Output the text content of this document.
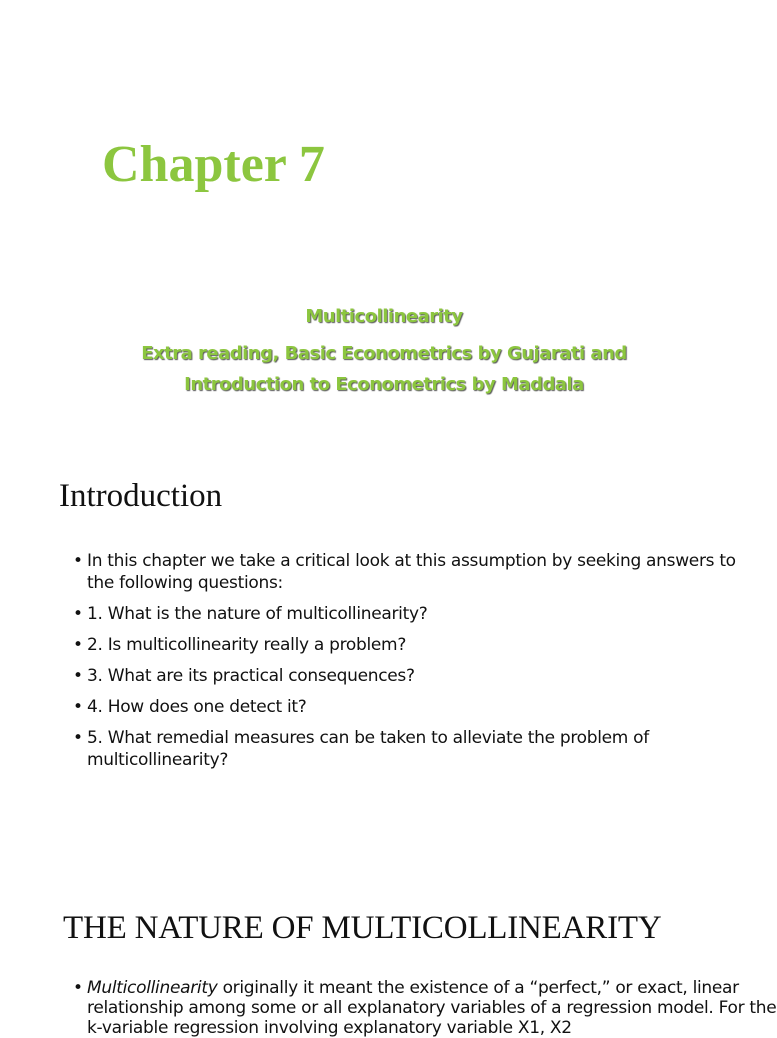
Chapter 7

Multicollinearity

Extra reading, Basic Econometrics by Gujarati and

Introduction to Econometrics by Maddala

Introduction
• In this chapter we take a critical look at this assumption by seeking answers to the following questions:
• 1. What is the nature of multicollinearity?
• 2. Is multicollinearity really a problem?
• 3. What are its practical consequences?
• 4. How does one detect it?
• 5. What remedial measures can be taken to alleviate the problem of multicollinearity?
THE NATURE OF MULTICOLLINEARITY

• Multicollinearity originally it meant the existence of a “perfect,” or exact, linear relationship among some or all explanatory variables of a regression model. For the k-variable regression involving explanatory variable X1, X2
